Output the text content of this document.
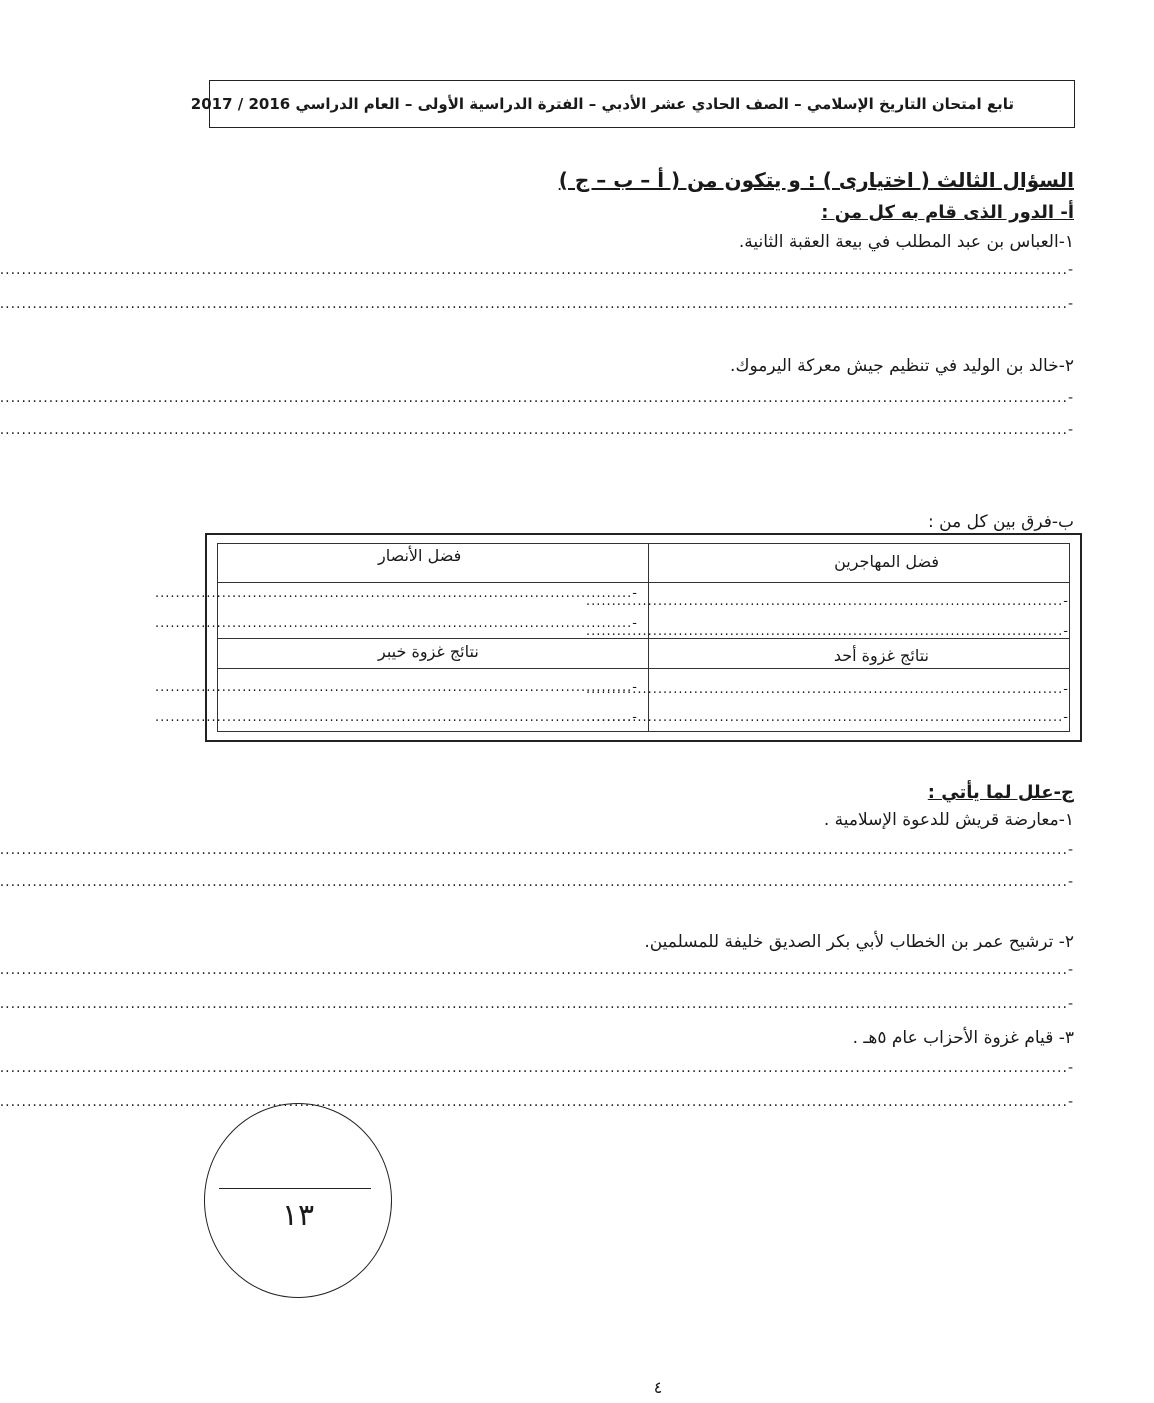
تابع امتحان التاريخ الإسلامي – الصف الحادي عشر الأدبي – الفترة الدراسية الأولى – العام الدراسي 2016 / 2017
السؤال الثالث ( اختيارى ) : و يتكون من ( أ – ب – ج )
أ- الدور الذى قام به كل من :
١-العباس بن عبد المطلب في بيعة العقبة الثانية.
-....................................................................................................................................................................................................
-....................................................................................................................................................................................................
٢-خالد بن الوليد في تنظيم جيش معركة اليرموك.
-....................................................................................................................................................................................................
-....................................................................................................................................................................................................
ب-فرق بين كل من :
فضل المهاجرين
فضل الأنصار
-.............................................................................................
-.............................................................................................
-.............................................................................................
-.............................................................................................
نتائج غزوة أحد
نتائج غزوة خيبر
-.............................................................................................
-.............................................................................................
-.............................................................................................
-.............................................................................................
ج-علل لما يأتي :
١-معارضة قريش للدعوة الإسلامية .
-....................................................................................................................................................................................................
-....................................................................................................................................................................................................
٢- ترشيح عمر بن الخطاب لأبي بكر الصديق خليفة للمسلمين.
-....................................................................................................................................................................................................
-....................................................................................................................................................................................................
٣- قيام غزوة الأحزاب عام ٥هـ .
-....................................................................................................................................................................................................
-....................................................................................................................................................................................................
١٣
٤
